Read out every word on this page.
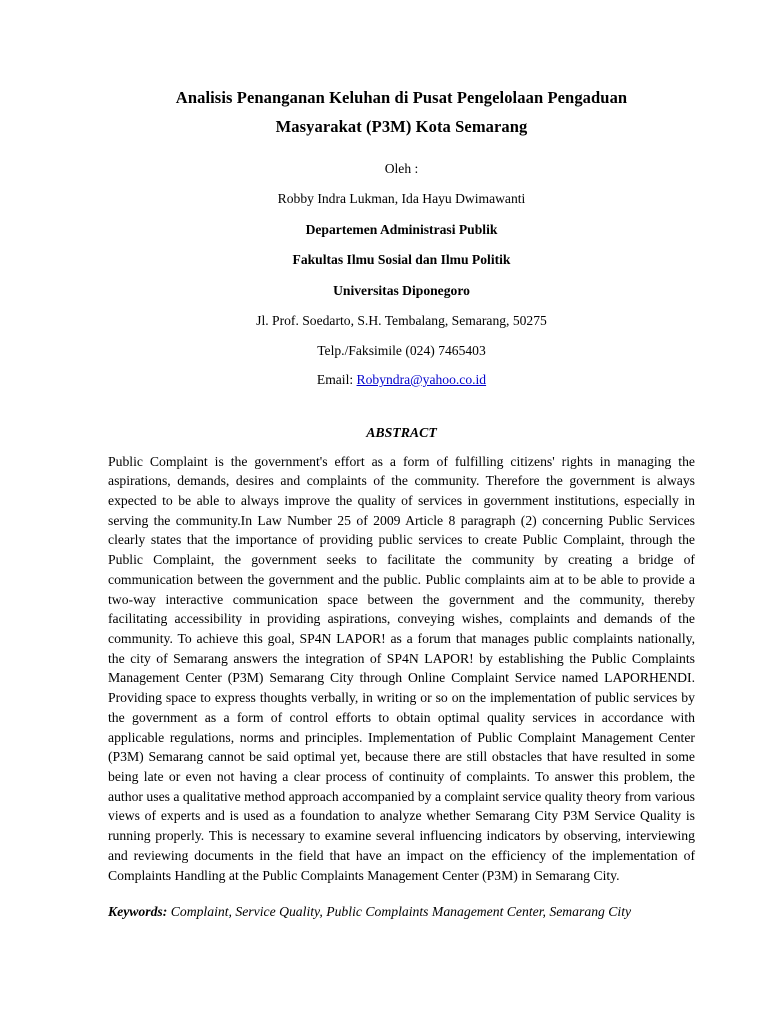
Analisis Penanganan Keluhan di Pusat Pengelolaan Pengaduan
Masyarakat (P3M) Kota Semarang
Oleh :
Robby Indra Lukman, Ida Hayu Dwimawanti
Departemen Administrasi Publik
Fakultas Ilmu Sosial dan Ilmu Politik
Universitas Diponegoro
Jl. Prof. Soedarto, S.H. Tembalang, Semarang, 50275
Telp./Faksimile (024) 7465403
Email: Robyndra@yahoo.co.id
ABSTRACT

Public Complaint is the government's effort as a form of fulfilling citizens' rights in managing the aspirations, demands, desires and complaints of the community. Therefore the government is always expected to be able to always improve the quality of services in government institutions, especially in serving the community.In Law Number 25 of 2009 Article 8 paragraph (2) concerning Public Services clearly states that the importance of providing public services to create Public Complaint, through the Public Complaint, the government seeks to facilitate the community by creating a bridge of communication between the government and the public. Public complaints aim at to be able to provide a two-way interactive communication space between the government and the community, thereby facilitating accessibility in providing aspirations, conveying wishes, complaints and demands of the community. To achieve this goal, SP4N LAPOR! as a forum that manages public complaints nationally, the city of Semarang answers the integration of SP4N LAPOR! by establishing the Public Complaints Management Center (P3M) Semarang City through Online Complaint Service named LAPORHENDI. Providing space to express thoughts verbally, in writing or so on the implementation of public services by the government as a form of control efforts to obtain optimal quality services in accordance with applicable regulations, norms and principles. Implementation of Public Complaint Management Center (P3M) Semarang cannot be said optimal yet, because there are still obstacles that have resulted in some being late or even not having a clear process of continuity of complaints. To answer this problem, the author uses a qualitative method approach accompanied by a complaint service quality theory from various views of experts and is used as a foundation to analyze whether Semarang City P3M Service Quality is running properly. This is necessary to examine several influencing indicators by observing, interviewing and reviewing documents in the field that have an impact on the efficiency of the implementation of Complaints Handling at the Public Complaints Management Center (P3M) in Semarang City.

Keywords: Complaint, Service Quality, Public Complaints Management Center, Semarang City
